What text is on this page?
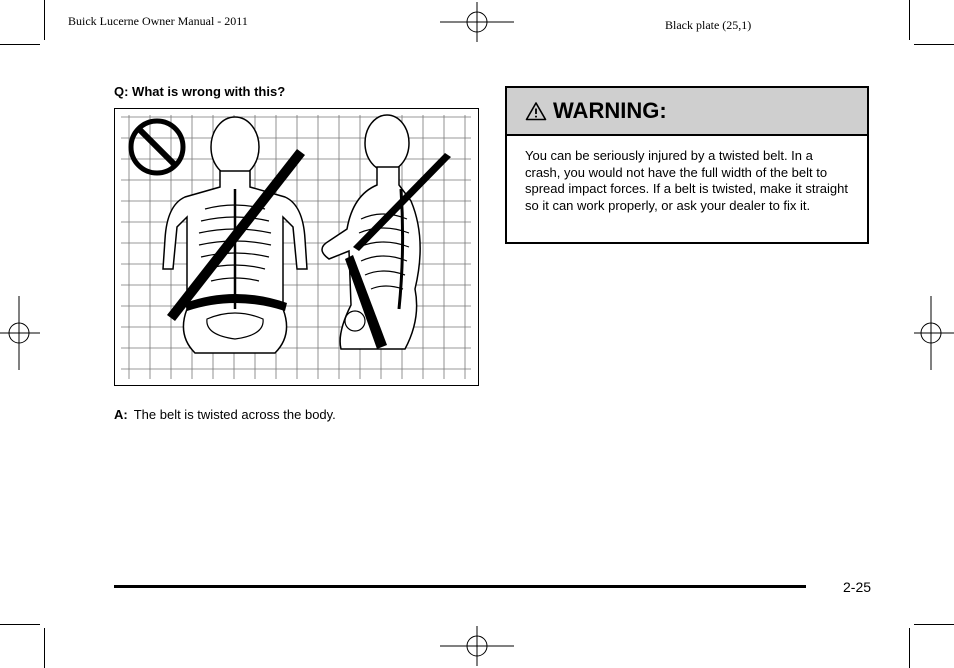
Buick Lucerne Owner Manual - 2011	Black plate (25,1)
Q: What is wrong with this?
A: The belt is twisted across the body.
WARNING:
You can be seriously injured by a twisted belt. In a crash, you would not have the full width of the belt to spread impact forces. If a belt is twisted, make it straight so it can work properly, or ask your dealer to fix it.
2-25
